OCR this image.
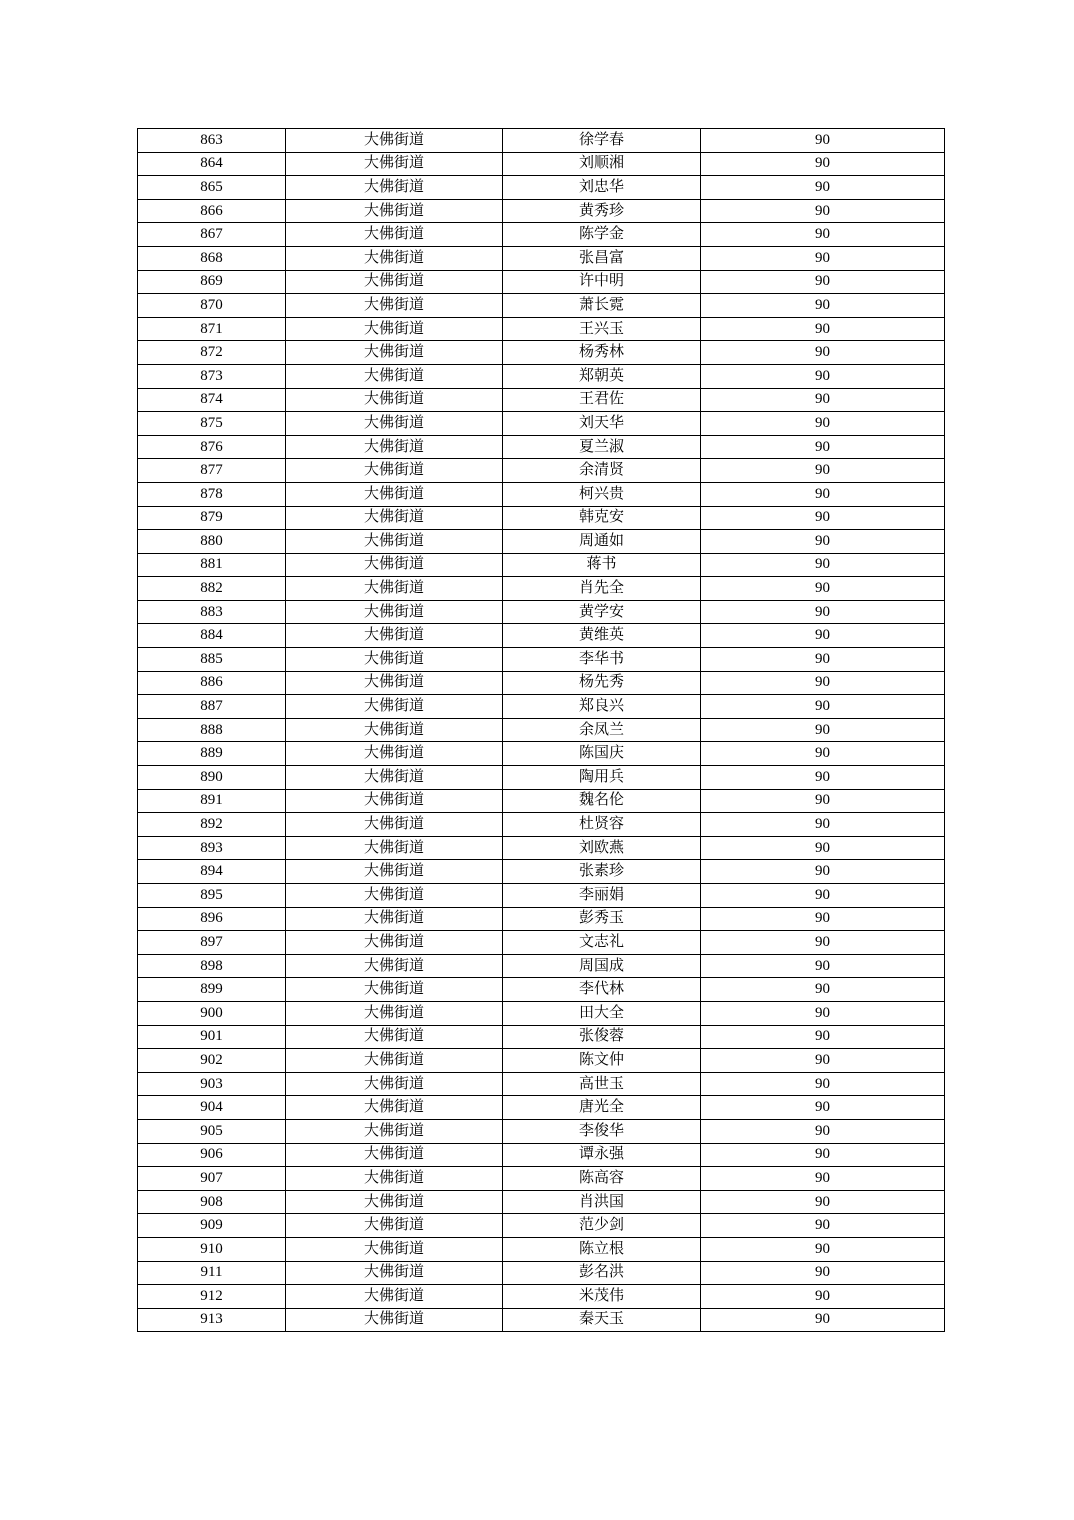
863	大佛街道	徐学春	90
864	大佛街道	刘顺湘	90
865	大佛街道	刘忠华	90
866	大佛街道	黄秀珍	90
867	大佛街道	陈学金	90
868	大佛街道	张昌富	90
869	大佛街道	许中明	90
870	大佛街道	萧长霓	90
871	大佛街道	王兴玉	90
872	大佛街道	杨秀林	90
873	大佛街道	郑朝英	90
874	大佛街道	王君佐	90
875	大佛街道	刘天华	90
876	大佛街道	夏兰淑	90
877	大佛街道	余清贤	90
878	大佛街道	柯兴贵	90
879	大佛街道	韩克安	90
880	大佛街道	周通如	90
881	大佛街道	蒋书	90
882	大佛街道	肖先全	90
883	大佛街道	黄学安	90
884	大佛街道	黄维英	90
885	大佛街道	李华书	90
886	大佛街道	杨先秀	90
887	大佛街道	郑良兴	90
888	大佛街道	余凤兰	90
889	大佛街道	陈国庆	90
890	大佛街道	陶用兵	90
891	大佛街道	魏名伦	90
892	大佛街道	杜贤容	90
893	大佛街道	刘欧燕	90
894	大佛街道	张素珍	90
895	大佛街道	李丽娟	90
896	大佛街道	彭秀玉	90
897	大佛街道	文志礼	90
898	大佛街道	周国成	90
899	大佛街道	李代林	90
900	大佛街道	田大全	90
901	大佛街道	张俊蓉	90
902	大佛街道	陈文仲	90
903	大佛街道	高世玉	90
904	大佛街道	唐光全	90
905	大佛街道	李俊华	90
906	大佛街道	谭永强	90
907	大佛街道	陈高容	90
908	大佛街道	肖洪国	90
909	大佛街道	范少剑	90
910	大佛街道	陈立根	90
911	大佛街道	彭名洪	90
912	大佛街道	米茂伟	90
913	大佛街道	秦天玉	90
